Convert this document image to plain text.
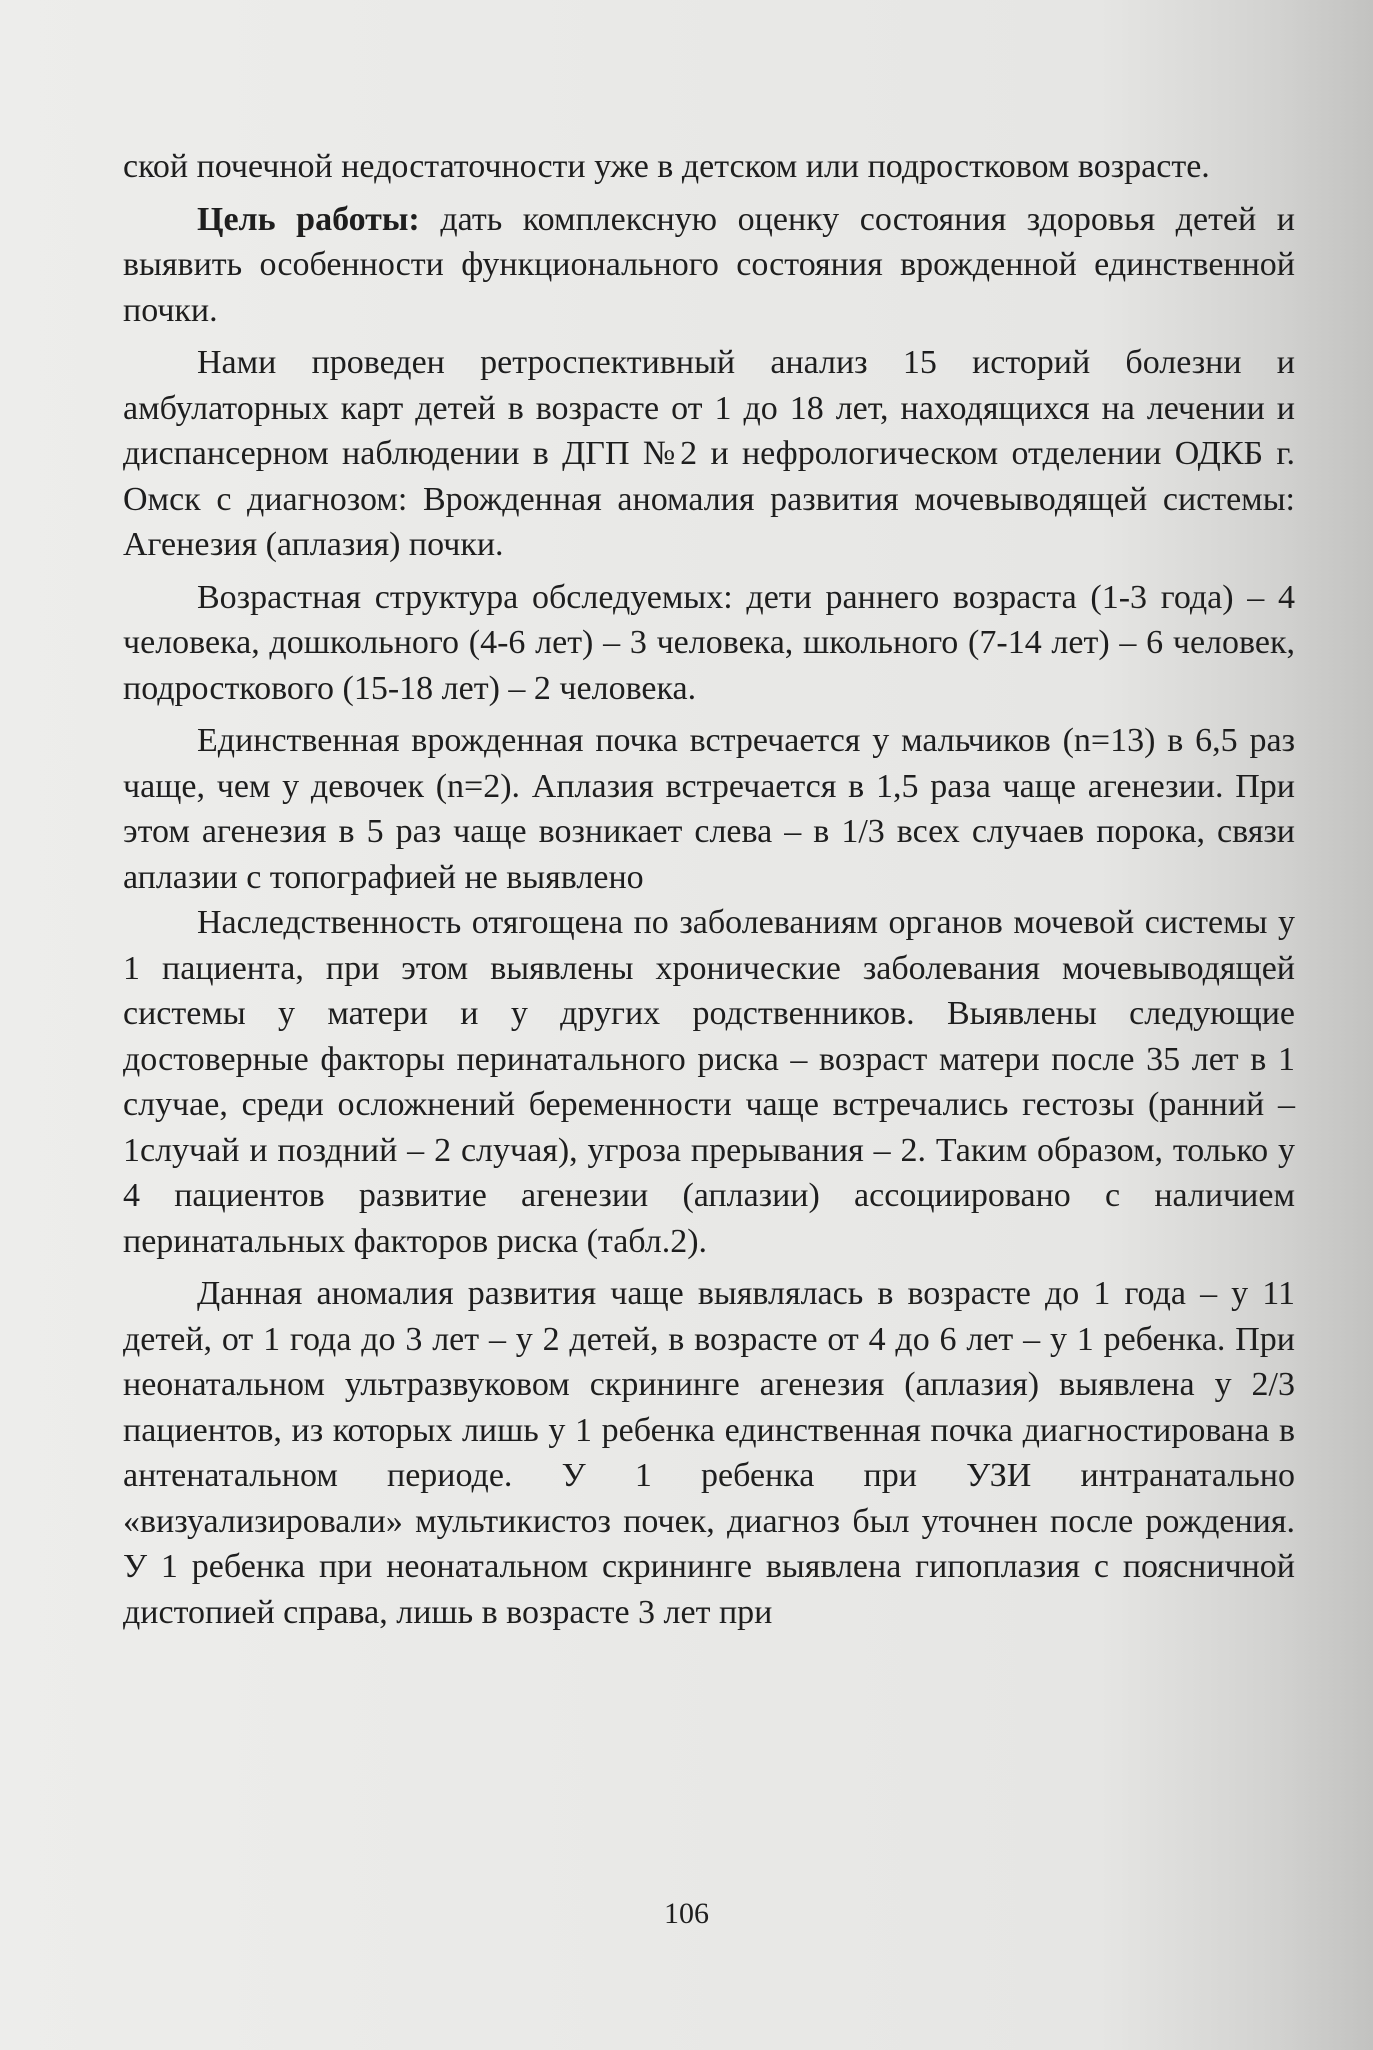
ской почечной недостаточности уже в детском или подростковом возрасте.

Цель работы: дать комплексную оценку состояния здоровья детей и выявить особенности функционального состояния врожденной единственной почки.

Нами проведен ретроспективный анализ 15 историй болезни и амбулаторных карт детей в возрасте от 1 до 18 лет, находящихся на лечении и диспансерном наблюдении в ДГП №2 и нефрологическом отделении ОДКБ г. Омск с диагнозом: Врожденная аномалия развития мочевыводящей системы: Агенезия (аплазия) почки.

Возрастная структура обследуемых: дети раннего возраста (1-3 года) – 4 человека, дошкольного (4-6 лет) – 3 человека, школьного (7-14 лет) – 6 человек, подросткового (15-18 лет) – 2 человека.

Единственная врожденная почка встречается у мальчиков (n=13) в 6,5 раз чаще, чем у девочек (n=2). Аплазия встречается в 1,5 раза чаще агенезии. При этом агенезия в 5 раз чаще возникает слева – в 1/3 всех случаев порока, связи аплазии с топографией не выявлено

Наследственность отягощена по заболеваниям органов мочевой системы у 1 пациента, при этом выявлены хронические заболевания мочевыводящей системы у матери и у других родственников. Выявлены следующие достоверные факторы перинатального риска – возраст матери после 35 лет в 1 случае, среди осложнений беременности чаще встречались гестозы (ранний – 1случай и поздний – 2 случая), угроза прерывания – 2. Таким образом, только у 4 пациентов развитие агенезии (аплазии) ассоциировано с наличием перинатальных факторов риска (табл.2).

Данная аномалия развития чаще выявлялась в возрасте до 1 года – у 11 детей, от 1 года до 3 лет – у 2 детей, в возрасте от 4 до 6 лет – у 1 ребенка. При неонатальном ультразвуковом скрининге агенезия (аплазия) выявлена у 2/3 пациентов, из которых лишь у 1 ребенка единственная почка диагностирована в антенатальном периоде. У 1 ребенка при УЗИ интранатально «визуализировали» мультикистоз почек, диагноз был уточнен после рождения. У 1 ребенка при неонатальном скрининге выявлена гипоплазия с поясничной дистопией справа, лишь в возрасте 3 лет при

106
